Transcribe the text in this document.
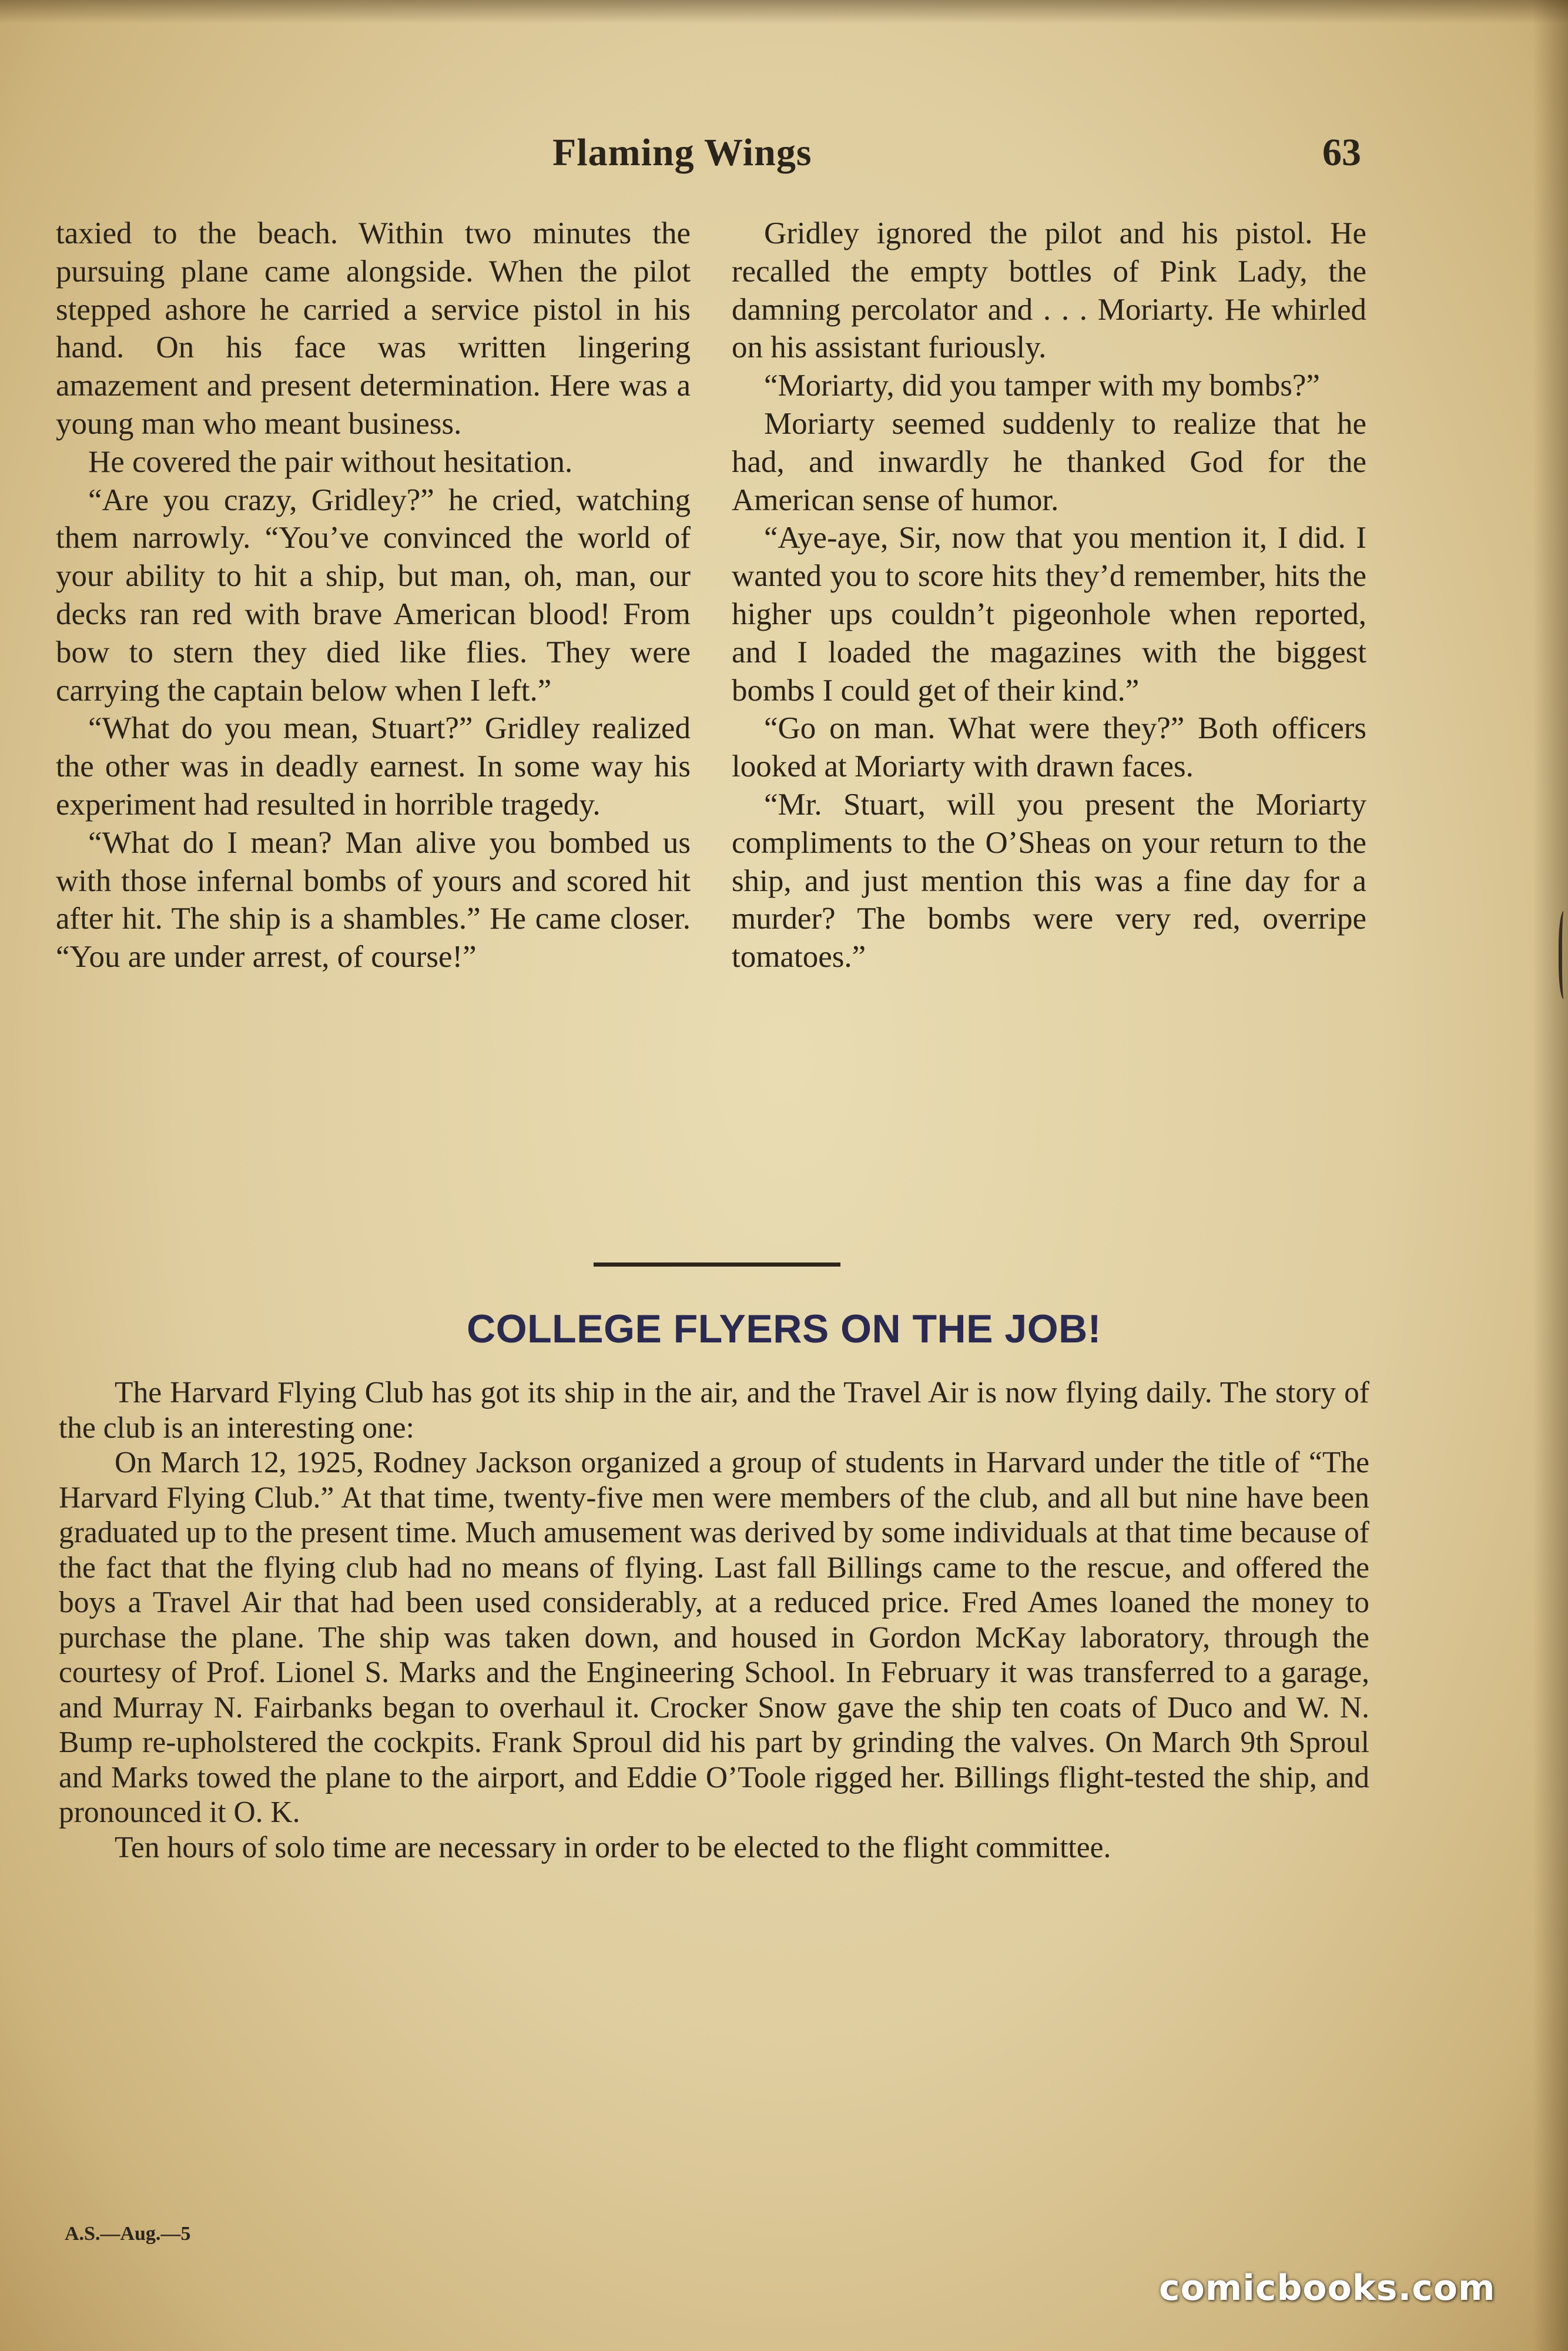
Flaming Wings	63

taxied to the beach. Within two minutes the pursuing plane came alongside. When the pilot stepped ashore he carried a service pistol in his hand. On his face was written lingering amazement and present determination. Here was a young man who meant business.

He covered the pair without hesitation.

“Are you crazy, Gridley?” he cried, watching them narrowly. “You’ve convinced the world of your ability to hit a ship, but man, oh, man, our decks ran red with brave American blood! From bow to stern they died like flies. They were carrying the captain below when I left.”

“What do you mean, Stuart?” Gridley realized the other was in deadly earnest. In some way his experiment had resulted in horrible tragedy.

“What do I mean? Man alive you bombed us with those infernal bombs of yours and scored hit after hit. The ship is a shambles.” He came closer. “You are under arrest, of course!”

Gridley ignored the pilot and his pistol. He recalled the empty bottles of Pink Lady, the damning percolator and . . . Moriarty. He whirled on his assistant furiously.

“Moriarty, did you tamper with my bombs?”

Moriarty seemed suddenly to realize that he had, and inwardly he thanked God for the American sense of humor.

“Aye-aye, Sir, now that you mention it, I did. I wanted you to score hits they’d remember, hits the higher ups couldn’t pigeonhole when reported, and I loaded the magazines with the biggest bombs I could get of their kind.”

“Go on man. What were they?” Both officers looked at Moriarty with drawn faces.

“Mr. Stuart, will you present the Moriarty compliments to the O’Sheas on your return to the ship, and just mention this was a fine day for a murder? The bombs were very red, overripe tomatoes.”

COLLEGE FLYERS ON THE JOB!

The Harvard Flying Club has got its ship in the air, and the Travel Air is now flying daily. The story of the club is an interesting one:

On March 12, 1925, Rodney Jackson organized a group of students in Harvard under the title of “The Harvard Flying Club.” At that time, twenty-five men were members of the club, and all but nine have been graduated up to the present time. Much amusement was derived by some individuals at that time because of the fact that the flying club had no means of flying. Last fall Billings came to the rescue, and offered the boys a Travel Air that had been used considerably, at a reduced price. Fred Ames loaned the money to purchase the plane. The ship was taken down, and housed in Gordon McKay laboratory, through the courtesy of Prof. Lionel S. Marks and the Engineering School. In February it was transferred to a garage, and Murray N. Fairbanks began to overhaul it. Crocker Snow gave the ship ten coats of Duco and W. N. Bump re-upholstered the cockpits. Frank Sproul did his part by grinding the valves. On March 9th Sproul and Marks towed the plane to the airport, and Eddie O’Toole rigged her. Billings flight-tested the ship, and pronounced it O. K.

Ten hours of solo time are necessary in order to be elected to the flight committee.

A.S.—Aug.—5
comicbooks.com
